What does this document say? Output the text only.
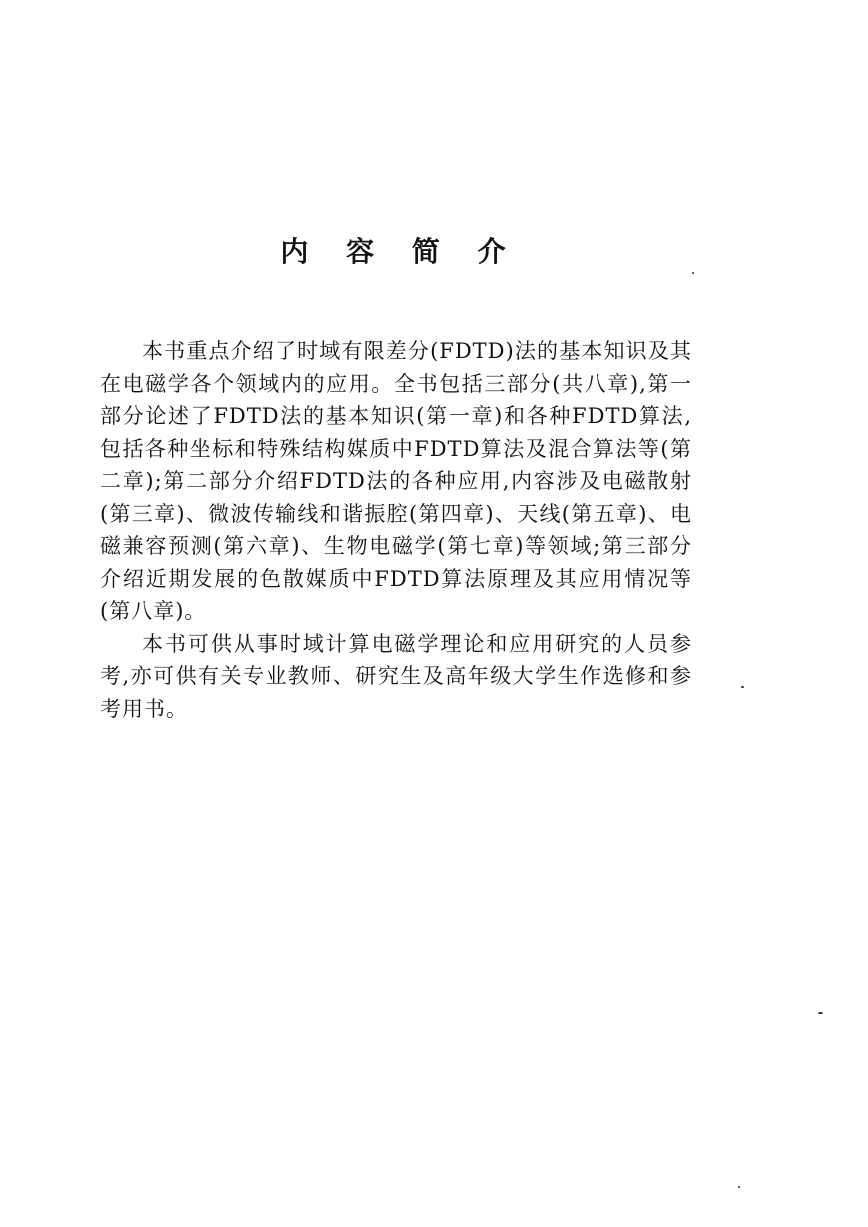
内 容 简 介

本书重点介绍了时域有限差分(FDTD)法的基本知识及其在电磁学各个领域内的应用。全书包括三部分(共八章),第一部分论述了FDTD法的基本知识(第一章)和各种FDTD算法,包括各种坐标和特殊结构媒质中FDTD算法及混合算法等(第二章);第二部分介绍FDTD法的各种应用,内容涉及电磁散射(第三章)、微波传输线和谐振腔(第四章)、天线(第五章)、电磁兼容预测(第六章)、生物电磁学(第七章)等领域;第三部分介绍近期发展的色散媒质中FDTD算法原理及其应用情况等(第八章)。

本书可供从事时域计算电磁学理论和应用研究的人员参考,亦可供有关专业教师、研究生及高年级大学生作选修和参考用书。
